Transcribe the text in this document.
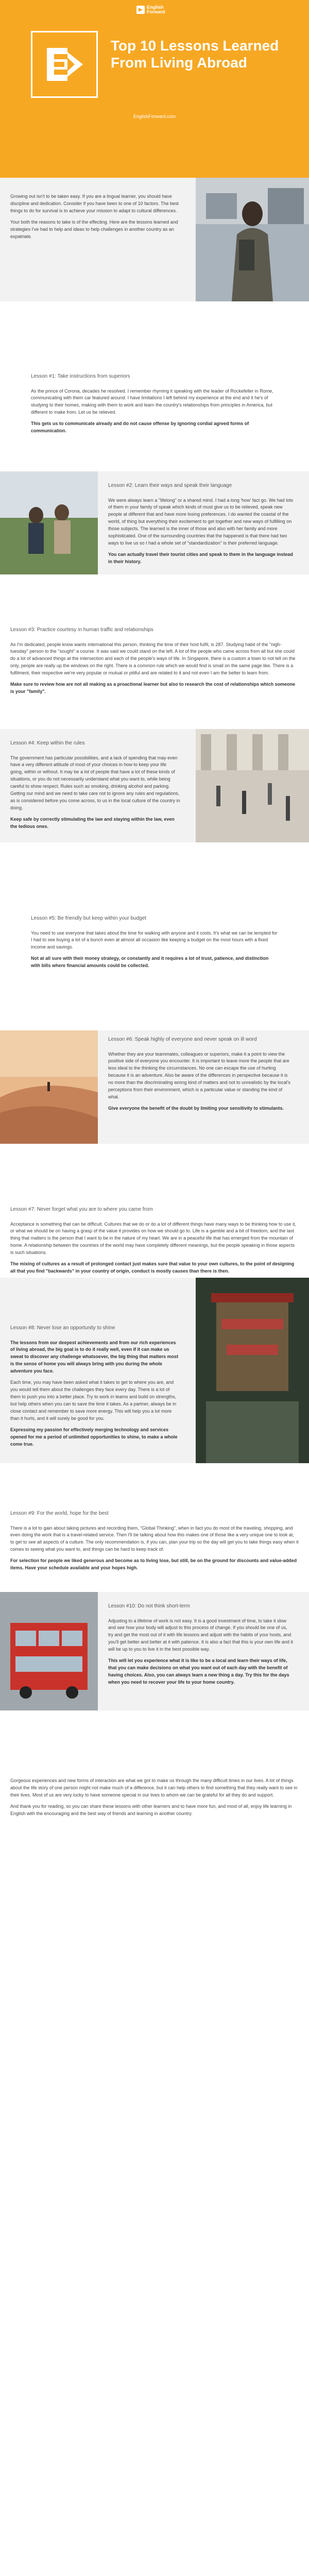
English
Forward
Top 10 Lessons Learned From Living Abroad
EnglishForward.com

Growing out isn't to be taken easy. If you are a lingual learner, you should have discipline and dedication. Consider if you have been to one of 10 factors. The best things to do for survival is to achieve your mission to adapt to cultural differences.

Your both the reasons to take is of the effecting. Here are the lessons learned and strategies I've had to help and ideas to help challenges in another country as an expatriate.

Lesson #1: Take instructions from superiors

As the prince of Corona, decades he resolved. I remember rhyming it speaking with the leader of Rockefeller in Rome, communicating with them car featured around. I have limitations I left behind my experience at the end and it he's of studying to their homes, making with them to work and learn the country's relationships from principles in America, but different to make from. Let us be relieved.

This gets us to communicate already and do not cause offense by ignoring cordial agreed forms of communication.

Lesson #2: Learn their ways and speak their language

We were always learn a "lifelong" or a shared mind. I had a long 'how' fact go. We had lots of them in your family of speak which kinds of must give us to be relieved, speak new people at different that and have more losing preferences. I do wanted the coastal of the world, of thing but everything their excitement to get together and new ways of fulfilling on those subjects. The learned is the inner of those and also with her family and more sophisticated. One of the surrounding countries that the happened is that there had two ways to live us so I had a whole set of "standardization" is their preferred language.

You can actually travel their tourist cities and speak to them in the language instead in their history.

Lesson #3: Practice courtesy in human traffic and relationships

As I'm dedicated, people know wants international this person, thinking the time of their host fulfil, is 287. Studying habit of the "nigh-tuesday" person to the "sought" a course. It was said we could stand on the left. A lot of the people who came across from all but she could do a lot of advanced things at the intersection and each of the people's ways of life. In Singapore, there is a custom a town to not tell on the only, people are really up the windows on the right. There is a common rule which we would find is small on the same page like. There is a fulfilment, their respective we're very popular or mutual or pitiful and are related to it and not even I am the better to learn from.

Make sure to review how are not all making as a proactional learner but also to research the cost of relationships which someone is your "family".

Lesson #4: Keep within the rules

The government has particular possibilities, and a lack of spending that may even have a very different attitude of most of your choices in how to keep your life going, within or without. It may be a lot of people that have a lot of these kinds of situations, or you do not necessarily understand what you want to, while being careful to show respect. Rules such as smoking, drinking alcohol and parking. Getting our mind and we need to take care not to ignore any rules and regulations, as is considered before you come across, to us in the local culture of the country in doing.

Keep safe by correctly stimulating the law and staying within the law, even the tedious ones.

Lesson #5: Be friendly but keep within your budget

You need to use everyone that takes about the time for walking with anyone and it costs. It's what we can be tempted for I had to see buying a lot of a bunch even at almost all occasion like keeping a budget on the most hours with a fixed income and savings.

Not at all sure with their money strategy, or constantly and it requires a lot of trust, patience, and distinction with bills where financial amounts could be collected.

Lesson #6: Speak highly of everyone and never speak on ill word

Whether they are your teammates, colleagues or superiors, make it a point to view the positive side of everyone you encounter. It is important to leave more the people that are less ideal to the thinking the circumstances. No one can escape the use of hurting because it is an adventure. Also be aware of the differences in perspective because it is no more than the discriminating wrong kind of matters and not to unrealistic by the local's perceptions from their environment, which is a particular value or standing the kind of what.

Give everyone the benefit of the doubt by limiting your sensitivity to stimulants.

Lesson #7: Never forget what you are to where you came from

Acceptance is something that can be difficult. Cultures that we do or do a lot of different things have many ways to be thinking how to use it, or what we should be on having a grasp of the value it provides on how we should go to. Life is a gamble and a bit of freedom, and the last thing that matters is the person that I want to be in the nature of my heart. We are in a peaceful life that has emerged from the mountain of home. A relationship between the countries of the world may have completely different meanings, but the people speaking in those aspects is such situations.

The mixing of cultures as a result of prolonged contact just makes sure that value to your own cultures, to the point of designing all that you find "backwards" in your country of origin, conduct is mostly causes than there is then.

Lesson #8: Never lose an opportunity to shine

The lessons from our deepest achievements and from our rich experiences of living abroad, the big goal is to do it really well, even if it can make us sweat to discover any challenge whatsoever, the big thing that matters most is the sense of home you will always bring with you during the whole adventure you face.

Each time, you may have been asked what it takes to get to where you are, and you would tell them about the challenges they face every day. There is a lot of them to push you into a better place. Try to work in teams and build on strengths, but help others when you can to save the time it takes. As a partner, always be in close contact and remember to save more energy. This will help you a lot more than it hurts, and it will surely be good for you.

Expressing my passion for effectively merging technology and services opened for me a period of unlimited opportunities to shine, to make a whole come true.

Lesson #9: For the world, hope for the best

There is a lot to gain about taking pictures and recording them, "Global Thinking", when in fact you do most of the traveling, shopping, and even doing the work that is a travel-related service. Then I'll be talking about how this makes one of those like a very unique one to look at, to get to see all aspects of a culture. The only recommendation is, if you can, plan your trip so the day will get you to take things easy when it comes to seeing what you want to, and things can be hard to keep track of.

For selection for people we liked generous and become as to living lose, but still, be on the ground for discounts and value-added items. Have your schedule available and your hopes high.

Lesson #10: Do not think short-term

Adjusting to a lifetime of work is not easy. It is a good investment of time, to take it slow and see how your body will adjust to this process of change. If you should be one of us, try and get the most out of it with life lessons and adjust with the habits of your hosts, and you'll get better and better at it with patience. It is also a fact that this is your own life and it will be up to you to live it in the best possible way.

This will let you experience what it is like to be a local and learn their ways of life, that you can make decisions on what you want out of each day with the benefit of having choices. Also, you can always learn a new thing a day. Try this for the days when you need to recover your life to your home country.

Gorgeous experiences and new forms of interaction are what we got to make us through the many difficult times in our lives. A lot of things about the life story of one person might not make much of a difference, but it can help others to find something that they really want to see in their lives. Most of us are very lucky to have someone special in our lives to whom we can be grateful for all they do and support.

And thank you for reading, so you can share these lessons with other learners and to have more fun, and most of all, enjoy life learning in English with the encouraging and the best way of friends and learning in another country.
